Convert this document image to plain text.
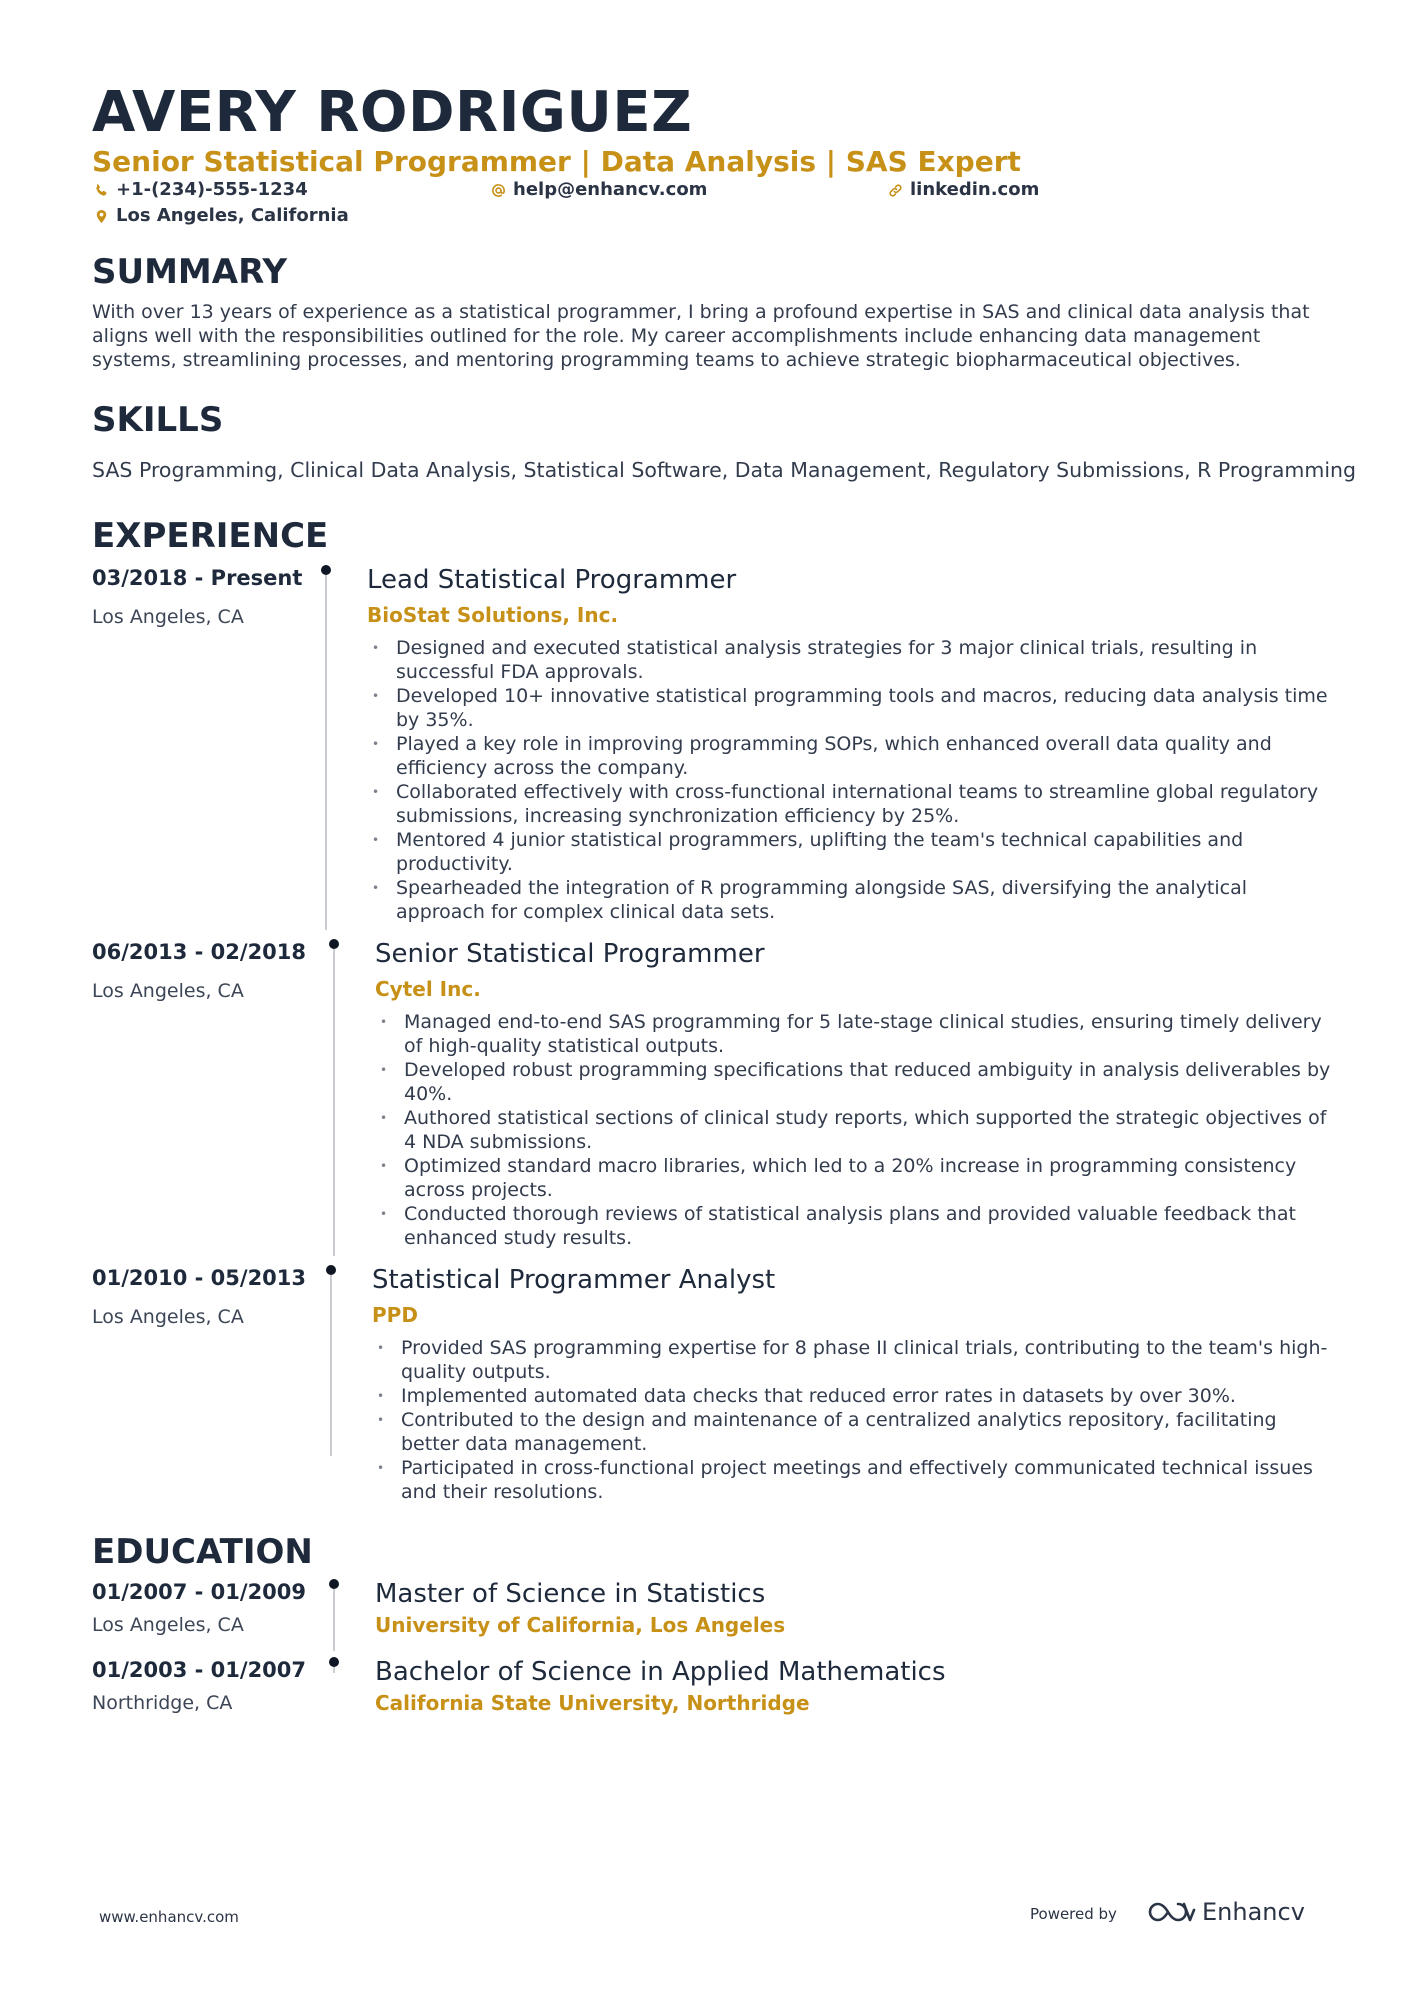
AVERY RODRIGUEZ
Senior Statistical Programmer | Data Analysis | SAS Expert
+1-(234)-555-1234	help@enhancv.com	linkedin.com
Los Angeles, California
SUMMARY
With over 13 years of experience as a statistical programmer, I bring a profound expertise in SAS and clinical data analysis that aligns well with the responsibilities outlined for the role. My career accomplishments include enhancing data management systems, streamlining processes, and mentoring programming teams to achieve strategic biopharmaceutical objectives.
SKILLS
SAS Programming, Clinical Data Analysis, Statistical Software, Data Management, Regulatory Submissions, R Programming
EXPERIENCE
03/2018 - Present
Los Angeles, CA
Lead Statistical Programmer
BioStat Solutions, Inc.
• Designed and executed statistical analysis strategies for 3 major clinical trials, resulting in successful FDA approvals.
• Developed 10+ innovative statistical programming tools and macros, reducing data analysis time by 35%.
• Played a key role in improving programming SOPs, which enhanced overall data quality and efficiency across the company.
• Collaborated effectively with cross-functional international teams to streamline global regulatory submissions, increasing synchronization efficiency by 25%.
• Mentored 4 junior statistical programmers, uplifting the team's technical capabilities and productivity.
• Spearheaded the integration of R programming alongside SAS, diversifying the analytical approach for complex clinical data sets.
06/2013 - 02/2018
Los Angeles, CA
Senior Statistical Programmer
Cytel Inc.
• Managed end-to-end SAS programming for 5 late-stage clinical studies, ensuring timely delivery of high-quality statistical outputs.
• Developed robust programming specifications that reduced ambiguity in analysis deliverables by 40%.
• Authored statistical sections of clinical study reports, which supported the strategic objectives of 4 NDA submissions.
• Optimized standard macro libraries, which led to a 20% increase in programming consistency across projects.
• Conducted thorough reviews of statistical analysis plans and provided valuable feedback that enhanced study results.
01/2010 - 05/2013
Los Angeles, CA
Statistical Programmer Analyst
PPD
• Provided SAS programming expertise for 8 phase II clinical trials, contributing to the team's high-quality outputs.
• Implemented automated data checks that reduced error rates in datasets by over 30%.
• Contributed to the design and maintenance of a centralized analytics repository, facilitating better data management.
• Participated in cross-functional project meetings and effectively communicated technical issues and their resolutions.
EDUCATION
01/2007 - 01/2009
Los Angeles, CA
Master of Science in Statistics
University of California, Los Angeles
01/2003 - 01/2007
Northridge, CA
Bachelor of Science in Applied Mathematics
California State University, Northridge
www.enhancv.com	Powered by	Enhancv
